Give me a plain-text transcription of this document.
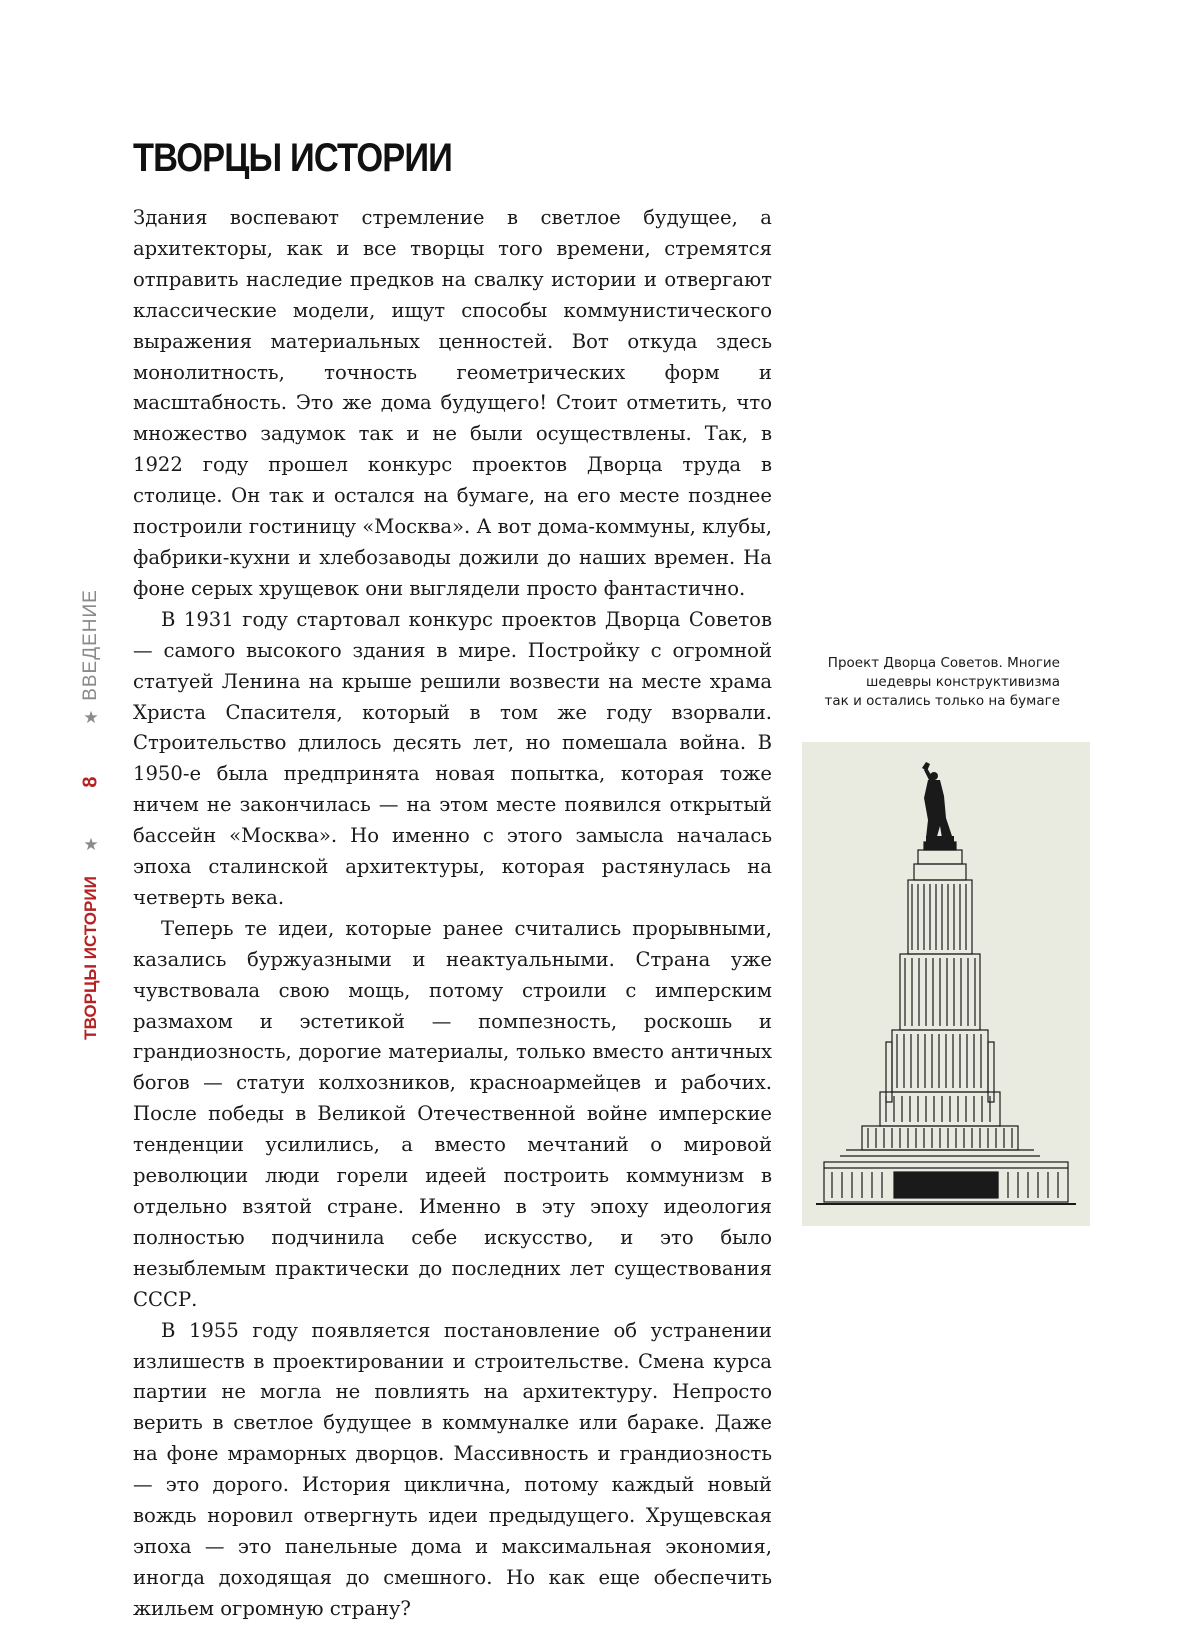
ТВОРЦЫ ИСТОРИИ

Здания воспевают стремление в светлое будущее, а архитекторы, как и все творцы того времени, стремятся отправить наследие предков на свалку истории и отвергают классические модели, ищут способы коммунистического выражения материальных ценностей. Вот откуда здесь монолитность, точность геометрических форм и масштабность. Это же дома будущего! Стоит отметить, что множество задумок так и не были осуществлены. Так, в 1922 году прошел конкурс проектов Дворца труда в столице. Он так и остался на бумаге, на его месте позднее построили гостиницу «Москва». А вот дома-коммуны, клубы, фабрики-кухни и хлебозаводы дожили до наших времен. На фоне серых хрущевок они выглядели просто фантастично.

В 1931 году стартовал конкурс проектов Дворца Советов — самого высокого здания в мире. Постройку с огромной статуей Ленина на крыше решили возвести на месте храма Христа Спасителя, который в том же году взорвали. Строительство длилось десять лет, но помешала война. В 1950-е была предпринята новая попытка, которая тоже ничем не закончилась — на этом месте появился открытый бассейн «Москва». Но именно с этого замысла началась эпоха сталинской архитектуры, которая растянулась на четверть века.

Теперь те идеи, которые ранее считались прорывными, казались буржуазными и неактуальными. Страна уже чувствовала свою мощь, потому строили с имперским размахом и эстетикой — помпезность, роскошь и грандиозность, дорогие материалы, только вместо античных богов — статуи колхозников, красноармейцев и рабочих. После победы в Великой Отечественной войне имперские тенденции усилились, а вместо мечтаний о мировой революции люди горели идеей построить коммунизм в отдельно взятой стране. Именно в эту эпоху идеология полностью подчинила себе искусство, и это было незыблемым практически до последних лет существования СССР.

В 1955 году появляется постановление об устранении излишеств в проектировании и строительстве. Смена курса партии не могла не повлиять на архитектуру. Непросто верить в светлое будущее в коммуналке или бараке. Даже на фоне мраморных дворцов. Массивность и грандиозность — это дорого. История циклична, потому каждый новый вождь норовил отвергнуть идеи предыдущего. Хрущевская эпоха — это панельные дома и максимальная экономия, иногда доходящая до смешного. Но как еще обеспечить жильем огромную страну?

ВВЕДЕНИЕ
★
8
★
ТВОРЦЫ ИСТОРИИ
Проект Дворца Советов. Многие
шедевры конструктивизма
так и остались только на бумаге
